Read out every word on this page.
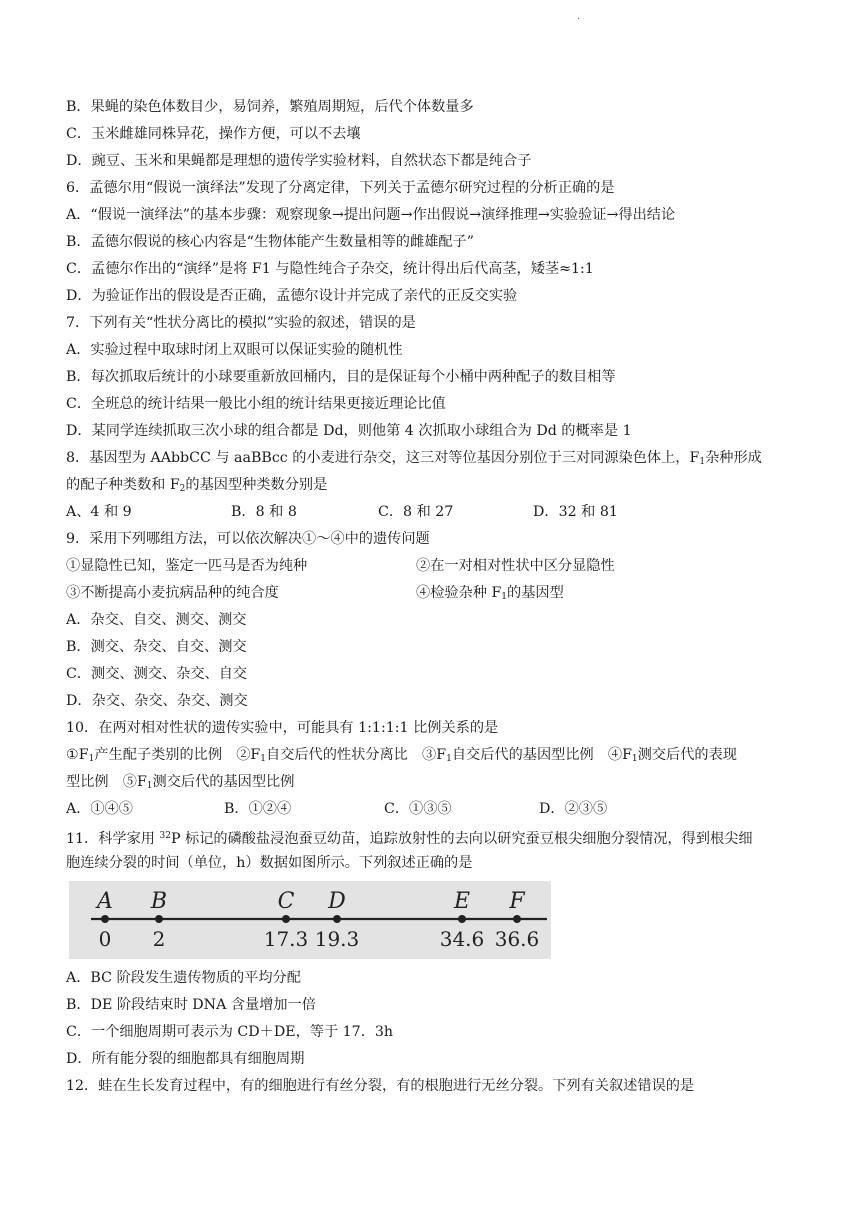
·
B．果蝇的染色体数目少，易饲养，繁殖周期短，后代个体数量多
C．玉米雌雄同株异花，操作方便，可以不去壤
D．豌豆、玉米和果蝇都是理想的遗传学实验材料，自然状态下都是纯合子
6．孟德尔用“假说一演绎法”发现了分离定律，下列关于孟德尔研究过程的分析正确的是
A．“假说一演绎法”的基本步骤：观察现象→提出问题→作出假说→演绎推理→实验验证→得出结论
B．孟德尔假说的核心内容是“生物体能产生数量相等的雌雄配子”
C．孟德尔作出的“演绎”是将 F1 与隐性纯合子杂交，统计得出后代高茎，矮茎≈1:1
D．为验证作出的假设是否正确，孟德尔设计并完成了亲代的正反交实验
7．下列有关“性状分离比的模拟”实验的叙述，错误的是
A．实验过程中取球时闭上双眼可以保证实验的随机性
B．每次抓取后统计的小球要重新放回桶内，目的是保证每个小桶中两种配子的数目相等
C．全班总的统计结果一般比小组的统计结果更接近理论比值
D．某同学连续抓取三次小球的组合都是 Dd，则他第 4 次抓取小球组合为 Dd 的概率是 1
8．基因型为 AAbbCC 与 aaBBcc 的小麦进行杂交，这三对等位基因分别位于三对同源染色体上，$F_1$杂种形成
的配子种类数和 $F_2$的基因型种类数分别是
A、4 和 9	B．8 和 8	C．8 和 27	D．32 和 81
9．采用下列哪组方法，可以依次解决①～④中的遗传问题
①显隐性已知，鉴定一匹马是否为纯种	②在一对相对性状中区分显隐性
③不断提高小麦抗病品种的纯合度	④检验杂种 $F_1$的基因型
A．杂交、自交、测交、测交
B．测交、杂交、自交、测交
C．测交、测交、杂交、自交
D．杂交、杂交、杂交、测交
10．在两对相对性状的遗传实验中，可能具有 1:1:1:1 比例关系的是
$①F_1$产生配子类别的比例　$②F_1$自交后代的性状分离比　$③F_1$自交后代的基因型比例　$④F_1$测交后代的表现
型比例　$⑤F_1$测交后代的基因型比例
A．①④⑤	B．①②④	C．①③⑤	D．②③⑤
11．科学家用 $^{32}$P 标记的磷酸盐浸泡蚕豆幼苗，追踪放射性的去向以研究蚕豆根尖细胞分裂情况，得到根尖细
胞连续分裂的时间（单位，h）数据如图所示。下列叙述正确的是
A
0
B
2
C
17.3
D
19.3
E
34.6
F
36.6
A．BC 阶段发生遗传物质的平均分配
B．DE 阶段结束时 DNA 含量增加一倍
C．一个细胞周期可表示为 CD＋DE，等于 17．3h
D．所有能分裂的细胞都具有细胞周期
12．蛙在生长发育过程中，有的细胞进行有丝分裂，有的根胞进行无丝分裂。下列有关叙述错误的是
